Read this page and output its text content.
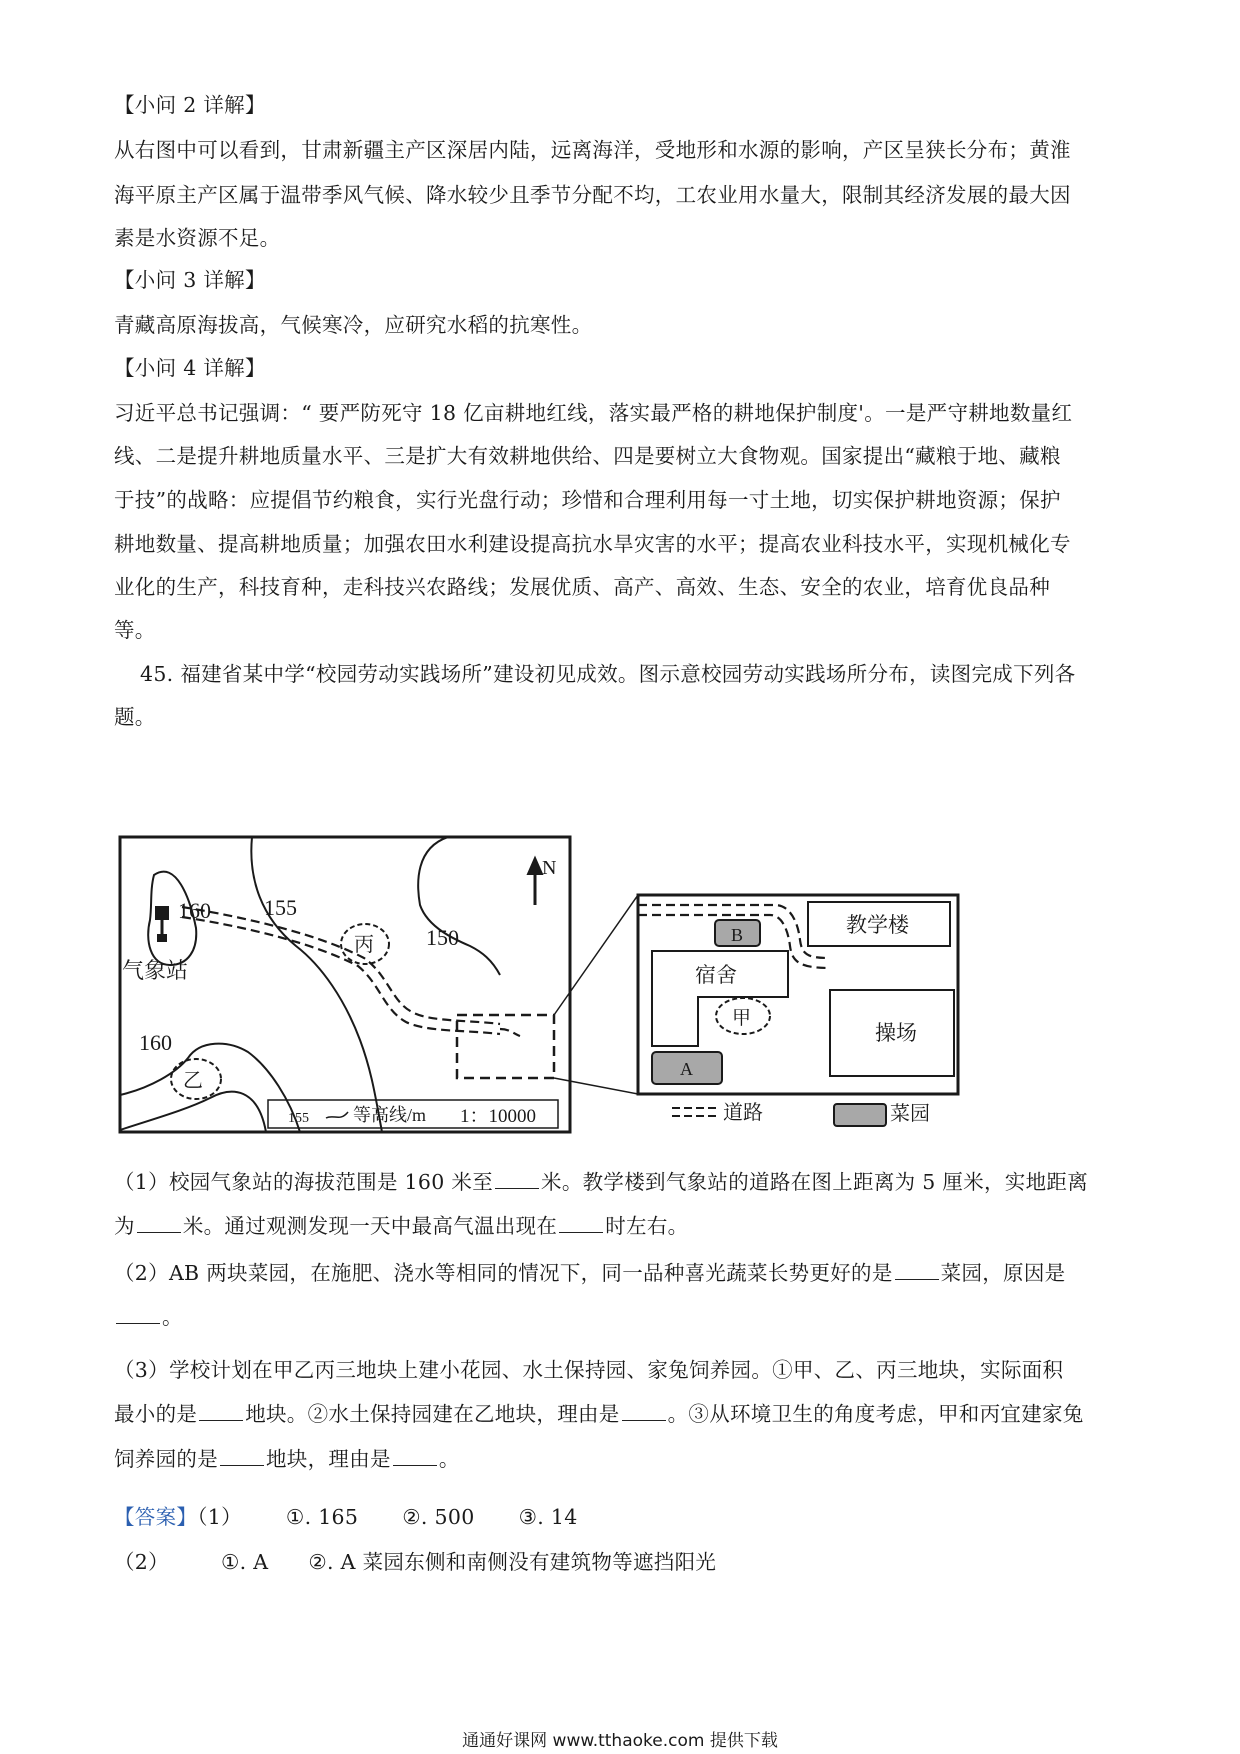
【小问 2 详解】
从右图中可以看到，甘肃新疆主产区深居内陆，远离海洋，受地形和水源的影响，产区呈狭长分布；黄淮
海平原主产区属于温带季风气候、降水较少且季节分配不均，工农业用水量大，限制其经济发展的最大因
素是水资源不足。
【小问 3 详解】
青藏高原海拔高，气候寒冷，应研究水稻的抗寒性。
【小问 4 详解】
习近平总书记强调：“ 要严防死守 18 亿亩耕地红线，落实最严格的耕地保护制度'。一是严守耕地数量红
线、二是提升耕地质量水平、三是扩大有效耕地供给、四是要树立大食物观。国家提出“藏粮于地、藏粮
于技”的战略：应提倡节约粮食，实行光盘行动；珍惜和合理利用每一寸土地，切实保护耕地资源；保护
耕地数量、提高耕地质量；加强农田水利建设提高抗水旱灾害的水平；提高农业科技水平，实现机械化专
业化的生产，科技育种，走科技兴农路线；发展优质、高产、高效、生态、安全的农业，培育优良品种
等。
45. 福建省某中学“校园劳动实践场所”建设初见成效。图示意校园劳动实践场所分布，读图完成下列各
题。
160 155
150
160
气象站
丙
乙
N
155 等高线/m 1：10000
教学楼
宿舍
操场
B
A
甲
道路	菜园
（1）校园气象站的海拔范围是 160 米至 米。教学楼到气象站的道路在图上距离为 5 厘米，实地距离
为 米。通过观测发现一天中最高气温出现在 时左右。
（2）AB 两块菜园，在施肥、浇水等相同的情况下，同一品种喜光蔬菜长势更好的是 菜园，原因是
。
（3）学校计划在甲乙丙三地块上建小花园、水土保持园、家兔饲养园。①甲、乙、丙三地块，实际面积
最小的是 地块。②水土保持园建在乙地块，理由是 。③从环境卫生的角度考虑，甲和丙宜建家兔
饲养园的是 地块，理由是 。
【答案】（1） ①. 165 ②. 500 ③. 14
（2）	①. A ②. A 菜园东侧和南侧没有建筑物等遮挡阳光
通通好课网 www.tthaoke.com 提供下载
